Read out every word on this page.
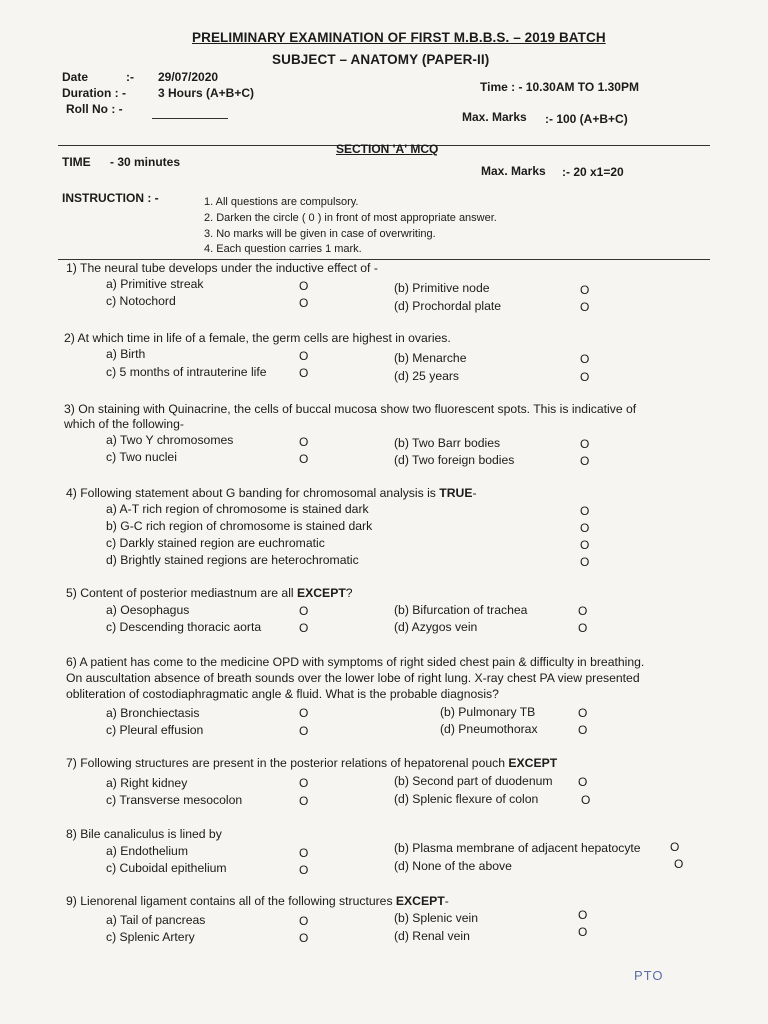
PRELIMINARY EXAMINATION OF FIRST M.B.B.S. – 2019 BATCH
SUBJECT – ANATOMY (PAPER-II)
Date	:- 29/07/2020
Duration : -	3 Hours (A+B+C)
Roll No : -
Time : - 10.30AM TO 1.30PM
Max. Marks :- 100 (A+B+C)
SECTION 'A' MCQ
TIME - 30 minutes
Max. Marks :- 20 x1=20
INSTRUCTION : -	1. All questions are compulsory.
2. Darken the circle ( 0 ) in front of most appropriate answer.
3. No marks will be given in case of overwriting.
4. Each question carries 1 mark.
1) The neural tube develops under the inductive effect of -
a) Primitive streak	O	(b) Primitive node	O
c) Notochord	O	(d) Prochordal plate	O
2) At which time in life of a female, the germ cells are highest in ovaries.
a) Birth	O	(b) Menarche	O
c) 5 months of intrauterine life	O	(d) 25 years	O
3) On staining with Quinacrine, the cells of buccal mucosa show two fluorescent spots. This is indicative of
which of the following-
a) Two Y chromosomes	O	(b) Two Barr bodies	O
c) Two nuclei	O	(d) Two foreign bodies	O
4) Following statement about G banding for chromosomal analysis is TRUE-
a) A-T rich region of chromosome is stained dark	O
b) G-C rich region of chromosome is stained dark	O
c) Darkly stained region are euchromatic	O
d) Brightly stained regions are heterochromatic	O
5) Content of posterior mediastnum are all EXCEPT?
a) Oesophagus	O	(b) Bifurcation of trachea	O
c) Descending thoracic aorta	O	(d) Azygos vein	O
6) A patient has come to the medicine OPD with symptoms of right sided chest pain & difficulty in breathing.
On auscultation absence of breath sounds over the lower lobe of right lung. X-ray chest PA view presented
obliteration of costodiaphragmatic angle & fluid. What is the probable diagnosis?
a) Bronchiectasis	O	(b) Pulmonary TB	O
c) Pleural effusion	O	(d) Pneumothorax	O
7) Following structures are present in the posterior relations of hepatorenal pouch EXCEPT
a) Right kidney	O	(b) Second part of duodenum O
c) Transverse mesocolon	O	(d) Splenic flexure of colon	O
8) Bile canaliculus is lined by
a) Endothelium	O	(b) Plasma membrane of adjacent hepatocyte O
c) Cuboidal epithelium	O	(d) None of the above	O
9) Lienorenal ligament contains all of the following structures EXCEPT-
a) Tail of pancreas	O	(b) Splenic vein	O
c) Splenic Artery	O	(d) Renal vein	O
PTO
